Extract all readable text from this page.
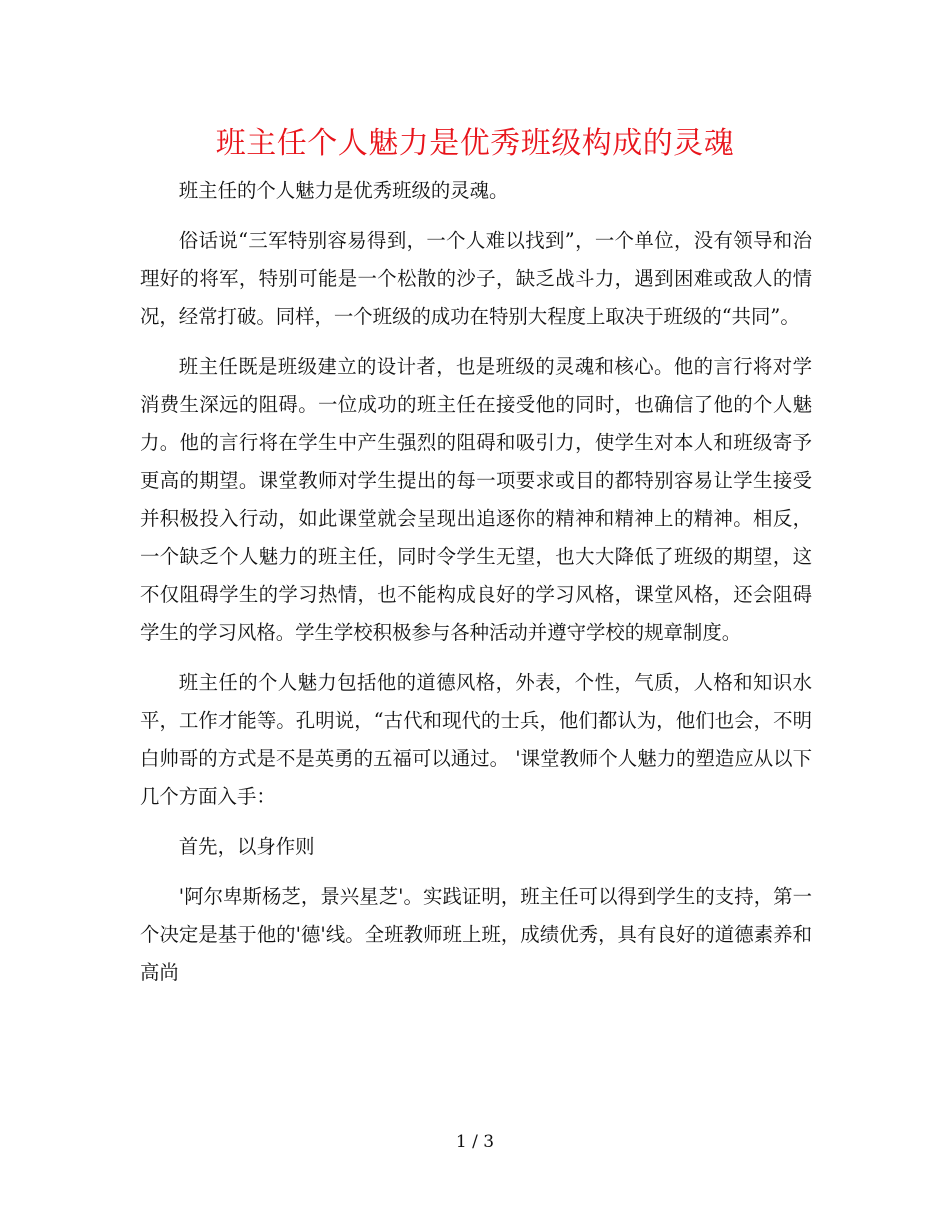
班主任个人魅力是优秀班级构成的灵魂

班主任的个人魅力是优秀班级的灵魂。

俗话说“三军特别容易得到，一个人难以找到”，一个单位，没有领导和治理好的将军，特别可能是一个松散的沙子，缺乏战斗力，遇到困难或敌人的情况，经常打破。同样，一个班级的成功在特别大程度上取决于班级的“共同”。

班主任既是班级建立的设计者，也是班级的灵魂和核心。他的言行将对学消费生深远的阻碍。一位成功的班主任在接受他的同时，也确信了他的个人魅力。他的言行将在学生中产生强烈的阻碍和吸引力，使学生对本人和班级寄予更高的期望。课堂教师对学生提出的每一项要求或目的都特别容易让学生接受并积极投入行动，如此课堂就会呈现出追逐你的精神和精神上的精神。相反，一个缺乏个人魅力的班主任，同时令学生无望，也大大降低了班级的期望，这不仅阻碍学生的学习热情，也不能构成良好的学习风格，课堂风格，还会阻碍学生的学习风格。学生学校积极参与各种活动并遵守学校的规章制度。

班主任的个人魅力包括他的道德风格，外表，个性，气质，人格和知识水平，工作才能等。孔明说，“古代和现代的士兵，他们都认为，他们也会，不明白帅哥的方式是不是英勇的五福可以通过。 '课堂教师个人魅力的塑造应从以下几个方面入手：

首先，以身作则

'阿尔卑斯杨芝，景兴星芝'。实践证明，班主任可以得到学生的支持，第一个决定是基于他的'德'线。全班教师班上班，成绩优秀，具有良好的道德素养和高尚

1 / 3
